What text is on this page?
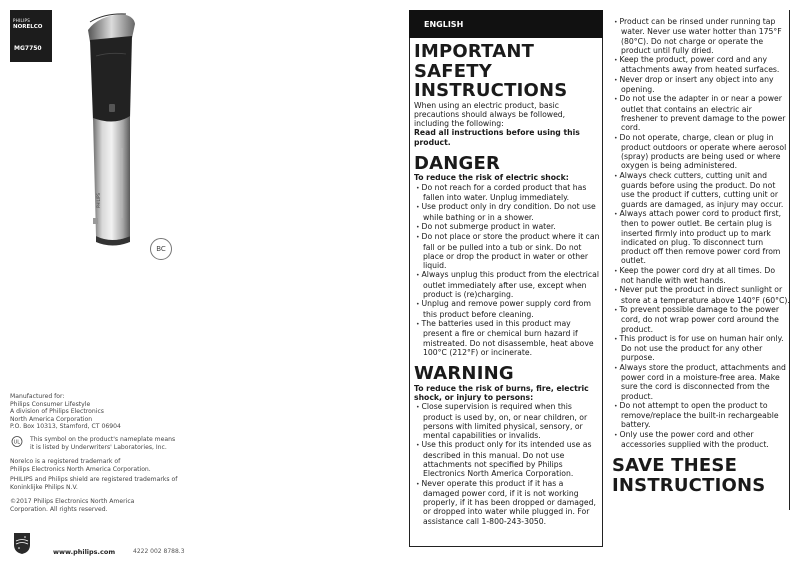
PHILIPS
NORELCO
MG7750
PHILIPS
BC
Manufactured for:
Philips Consumer Lifestyle
A division of Philips Electronics
North America Corporation
P.O. Box 10313, Stamford, CT 06904
UL This symbol on the product's nameplate means
it is listed by Underwriters' Laboratories, Inc.
Norelco is a registered trademark of
Philips Electronics North America Corporation.
PHILIPS and Philips shield are registered trademarks of
Koninklijke Philips N.V.
©2017 Philips Electronics North America
Corporation. All rights reserved.
www.philips.com	4222 002 8788.3
ENGLISH
IMPORTANT SAFETY INSTRUCTIONS

When using an electric product, basic precautions should always be followed, including the following:

Read all instructions before using this product.

DANGER

To reduce the risk of electric shock:

• Do not reach for a corded product that has fallen into water. Unplug immediately.
• Use product only in dry condition. Do not use while bathing or in a shower.
• Do not submerge product in water.
• Do not place or store the product where it can fall or be pulled into a tub or sink. Do not place or drop the product in water or other liquid.
• Always unplug this product from the electrical outlet immediately after use, except when product is (re)charging.
• Unplug and remove power supply cord from this product before cleaning.
• The batteries used in this product may present a fire or chemical burn hazard if mistreated. Do not disassemble, heat above 100°C (212°F) or incinerate.
WARNING

To reduce the risk of burns, fire, electric shock, or injury to persons:

• Close supervision is required when this product is used by, on, or near children, or persons with limited physical, sensory, or mental capabilities or invalids.
• Use this product only for its intended use as described in this manual. Do not use attachments not specified by Philips Electronics North America Corporation.
• Never operate this product if it has a damaged power cord, if it is not working properly, if it has been dropped or damaged, or dropped into water while plugged in. For assistance call 1-800-243-3050.
• Product can be rinsed under running tap water. Never use water hotter than 175°F (80°C). Do not charge or operate the product until fully dried.
• Keep the product, power cord and any attachments away from heated surfaces.
• Never drop or insert any object into any opening.
• Do not use the adapter in or near a power outlet that contains an electric air freshener to prevent damage to the power cord.
• Do not operate, charge, clean or plug in product outdoors or operate where aerosol (spray) products are being used or where oxygen is being administered.
• Always check cutters, cutting unit and guards before using the product. Do not use the product if cutters, cutting unit or guards are damaged, as injury may occur.
• Always attach power cord to product first, then to power outlet. Be certain plug is inserted firmly into product up to mark indicated on plug. To disconnect turn product off then remove power cord from outlet.
• Keep the power cord dry at all times. Do not handle with wet hands.
• Never put the product in direct sunlight or store at a temperature above 140°F (60°C).
• To prevent possible damage to the power cord, do not wrap power cord around the product.
• This product is for use on human hair only. Do not use the product for any other purpose.
• Always store the product, attachments and power cord in a moisture-free area. Make sure the cord is disconnected from the product.
• Do not attempt to open the product to remove/replace the built-in rechargeable battery.
• Only use the power cord and other accessories supplied with the product.
SAVE THESE INSTRUCTIONS
